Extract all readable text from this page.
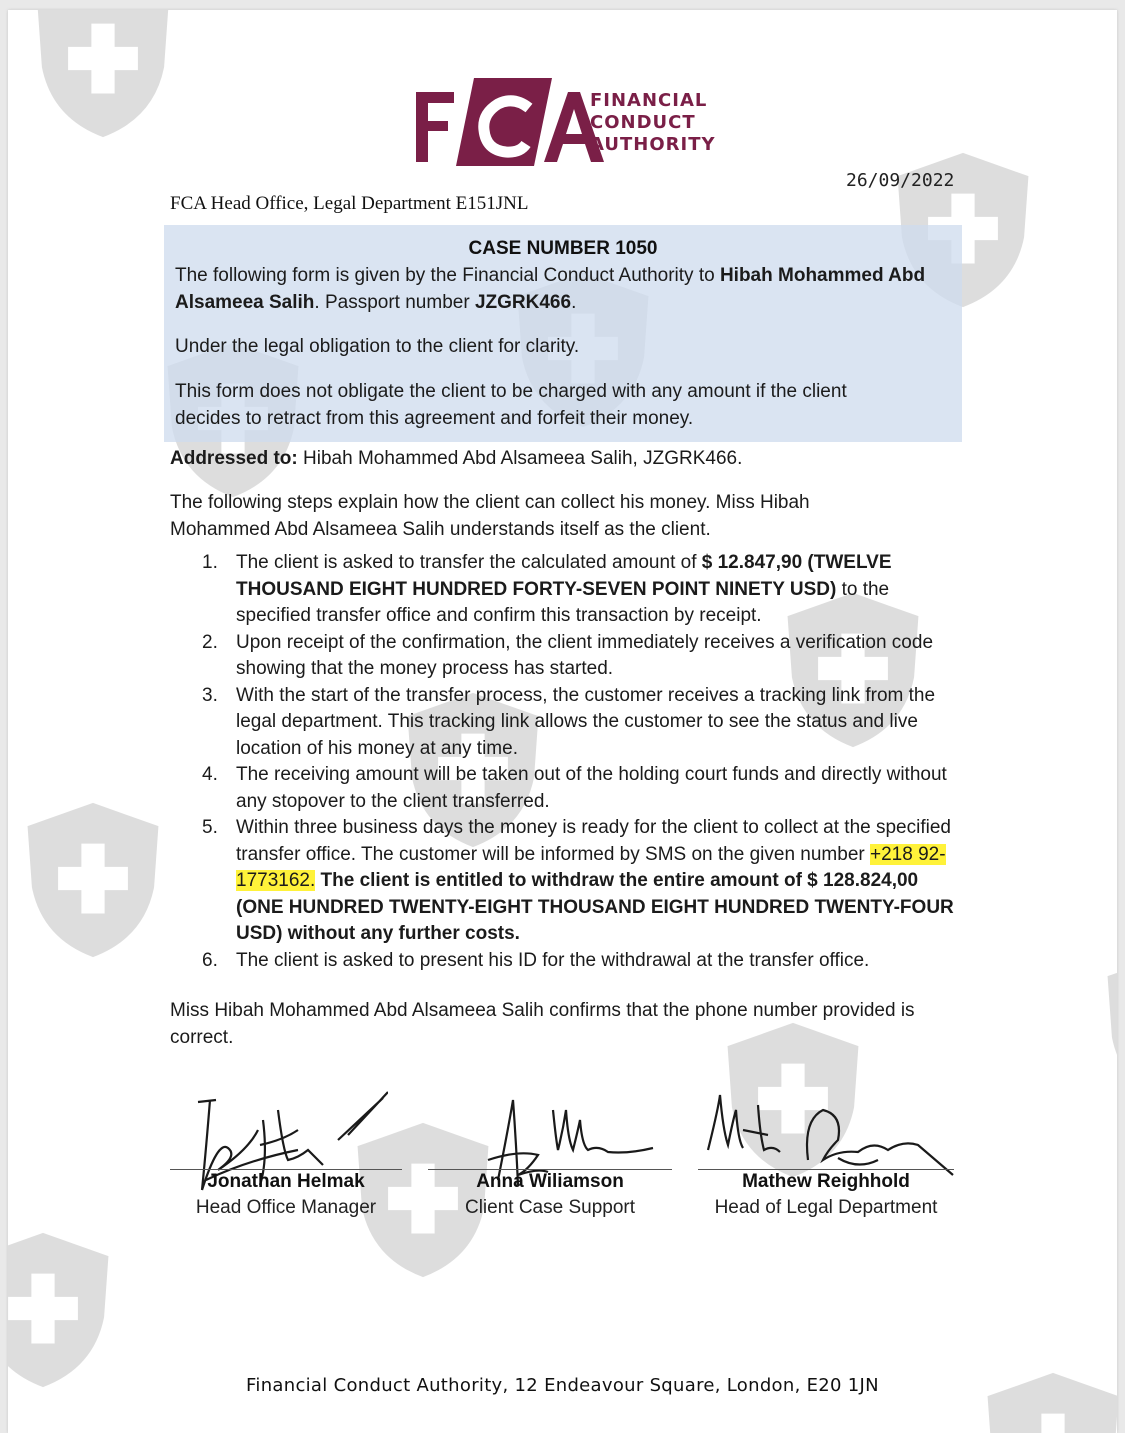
FINANCIAL
CONDUCT
AUTHORITY
26/09/2022
FCA Head Office, Legal Department E151JNL
CASE NUMBER 1050
The following form is given by the Financial Conduct Authority to Hibah Mohammed Abd Alsameea Salih. Passport number JZGRK466.
Under the legal obligation to the client for clarity.
This form does not obligate the client to be charged with any amount if the client decides to retract from this agreement and forfeit their money.
Addressed to: Hibah Mohammed Abd Alsameea Salih, JZGRK466.
The following steps explain how the client can collect his money. Miss Hibah Mohammed Abd Alsameea Salih understands itself as the client.
1. The client is asked to transfer the calculated amount of $ 12.847,90 (TWELVE THOUSAND EIGHT HUNDRED FORTY-SEVEN POINT NINETY USD) to the specified transfer office and confirm this transaction by receipt.
2. Upon receipt of the confirmation, the client immediately receives a verification code showing that the money process has started.
3. With the start of the transfer process, the customer receives a tracking link from the legal department. This tracking link allows the customer to see the status and live location of his money at any time.
4. The receiving amount will be taken out of the holding court funds and directly without any stopover to the client transferred.
5. Within three business days the money is ready for the client to collect at the specified transfer office. The customer will be informed by SMS on the given number +218 92-1773162. The client is entitled to withdraw the entire amount of $ 128.824,00 (ONE HUNDRED TWENTY-EIGHT THOUSAND EIGHT HUNDRED TWENTY-FOUR USD) without any further costs.
6. The client is asked to present his ID for the withdrawal at the transfer office.
Miss Hibah Mohammed Abd Alsameea Salih confirms that the phone number provided is correct.
Jonathan Helmak
Head Office Manager
Anna Wiliamson
Client Case Support
Mathew Reighhold
Head of Legal Department
Financial Conduct Authority, 12 Endeavour Square, London, E20 1JN
